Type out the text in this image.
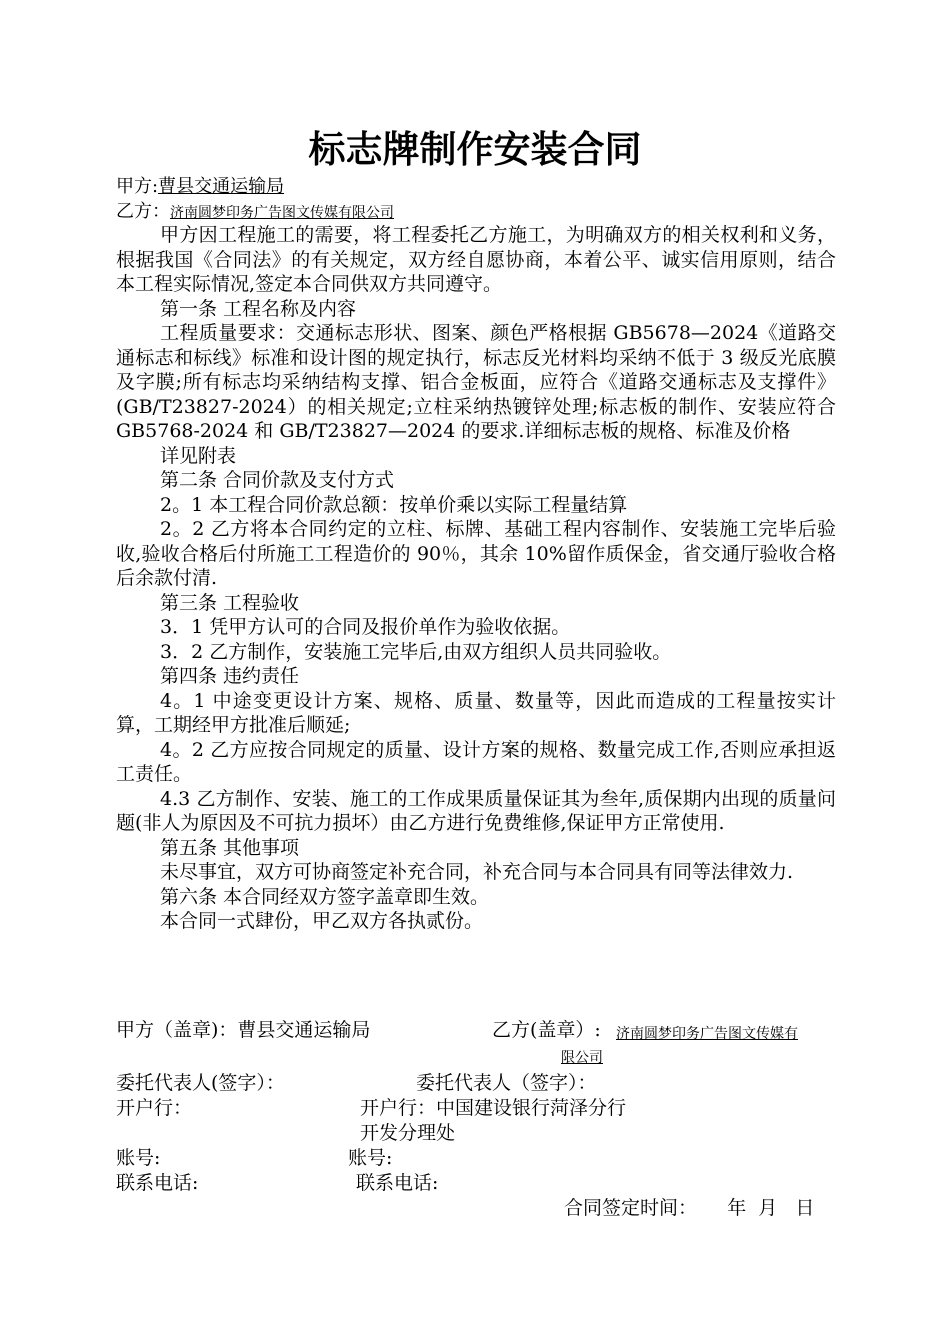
标志牌制作安装合同
甲方:曹县交通运输局
乙方：济南圆梦印务广告图文传媒有限公司

甲方因工程施工的需要，将工程委托乙方施工，为明确双方的相关权利和义务，根据我国《合同法》的有关规定，双方经自愿协商，本着公平、诚实信用原则，结合本工程实际情况,签定本合同供双方共同遵守。

第一条 工程名称及内容

工程质量要求：交通标志形状、图案、颜色严格根据 GB5678—2024《道路交通标志和标线》标准和设计图的规定执行，标志反光材料均采纳不低于 3 级反光底膜及字膜;所有标志均采纳结构支撑、铝合金板面，应符合《道路交通标志及支撑件》(GB/T23827-2024）的相关规定;立柱采纳热镀锌处理;标志板的制作、安装应符合 GB5768-2024 和 GB/T23827—2024 的要求.详细标志板的规格、标准及价格

详见附表

第二条 合同价款及支付方式

2。1 本工程合同价款总额：按单价乘以实际工程量结算

2。2 乙方将本合同约定的立柱、标牌、基础工程内容制作、安装施工完毕后验收,验收合格后付所施工工程造价的 90％，其余 10%留作质保金，省交通厅验收合格后余款付清.

第三条 工程验收

3．1 凭甲方认可的合同及报价单作为验收依据。

3．2 乙方制作，安装施工完毕后,由双方组织人员共同验收。

第四条 违约责任

4。1 中途变更设计方案、规格、质量、数量等，因此而造成的工程量按实计算，工期经甲方批准后顺延;

4。2 乙方应按合同规定的质量、设计方案的规格、数量完成工作,否则应承担返工责任。

4.3 乙方制作、安装、施工的工作成果质量保证其为叁年,质保期内出现的质量问题(非人为原因及不可抗力损坏）由乙方进行免费维修,保证甲方正常使用.

第五条 其他事项

未尽事宜，双方可协商签定补充合同，补充合同与本合同具有同等法律效力.

第六条 本合同经双方签字盖章即生效。

本合同一式肆份，甲乙双方各执贰份。

甲方（盖章)：曹县交通运输局	乙方(盖章）: 济南圆梦印务广告图文传媒有
限公司
委托代表人(签字）：	委托代表人（签字）：
开户行：	开户行：中国建设银行菏泽分行
开发分理处
账号:	账号:
联系电话:	联系电话:
合同签定时间：     年  月   日
